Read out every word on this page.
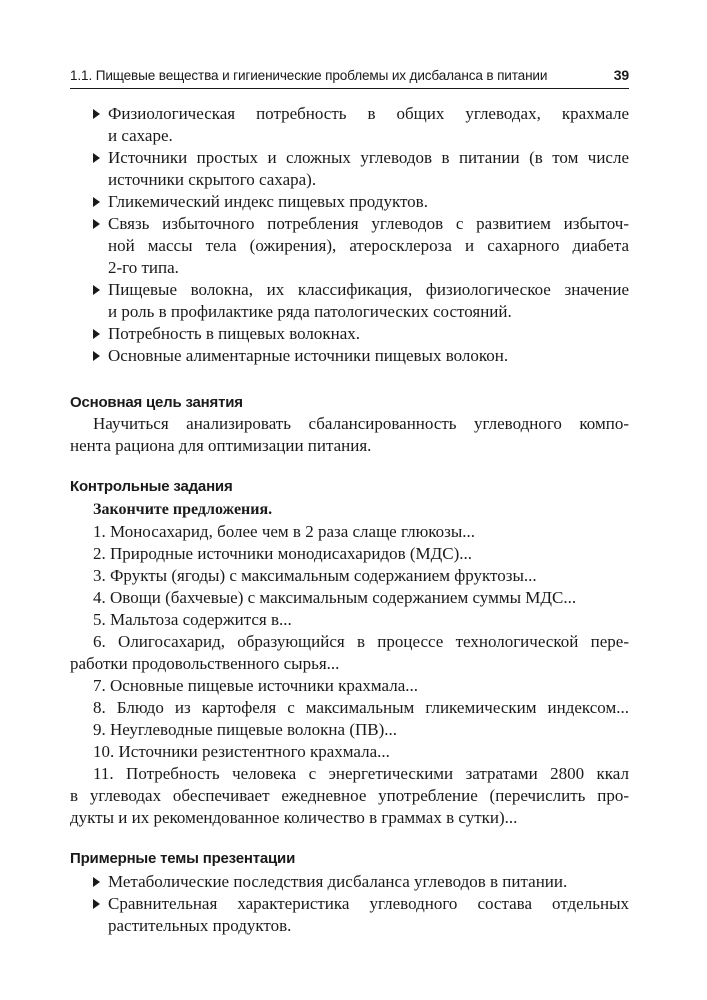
1.1. Пищевые вещества и гигиенические проблемы их дисбаланса в питании	39
Физиологическая потребность в общих углеводах, крахмале
и сахаре.
Источники простых и сложных углеводов в питании (в том числе
источники скрытого сахара).
Гликемический индекс пищевых продуктов.
Связь избыточного потребления углеводов с развитием избыточ-
ной массы тела (ожирения), атеросклероза и сахарного диабета
2-го типа.
Пищевые волокна, их классификация, физиологическое значение
и роль в профилактике ряда патологических состояний.
Потребность в пищевых волокнах.
Основные алиментарные источники пищевых волокон.
Основная цель занятия
Научиться анализировать сбалансированность углеводного компо-
нента рациона для оптимизации питания.
Контрольные задания
Закончите предложения.
1. Моносахарид, более чем в 2 раза слаще глюкозы...
2. Природные источники монодисахаридов (МДС)...
3. Фрукты (ягоды) с максимальным содержанием фруктозы...
4. Овощи (бахчевые) с максимальным содержанием суммы МДС...
5. Мальтоза содержится в...
6. Олигосахарид, образующийся в процессе технологической пере-
работки продовольственного сырья...
7. Основные пищевые источники крахмала...
8. Блюдо из картофеля с максимальным гликемическим индексом...
9. Неуглеводные пищевые волокна (ПВ)...
10. Источники резистентного крахмала...
11. Потребность человека с энергетическими затратами 2800 ккал
в углеводах обеспечивает ежедневное употребление (перечислить про-
дукты и их рекомендованное количество в граммах в сутки)...
Примерные темы презентации
Метаболические последствия дисбаланса углеводов в питании.
Сравнительная характеристика углеводного состава отдельных
растительных продуктов.
